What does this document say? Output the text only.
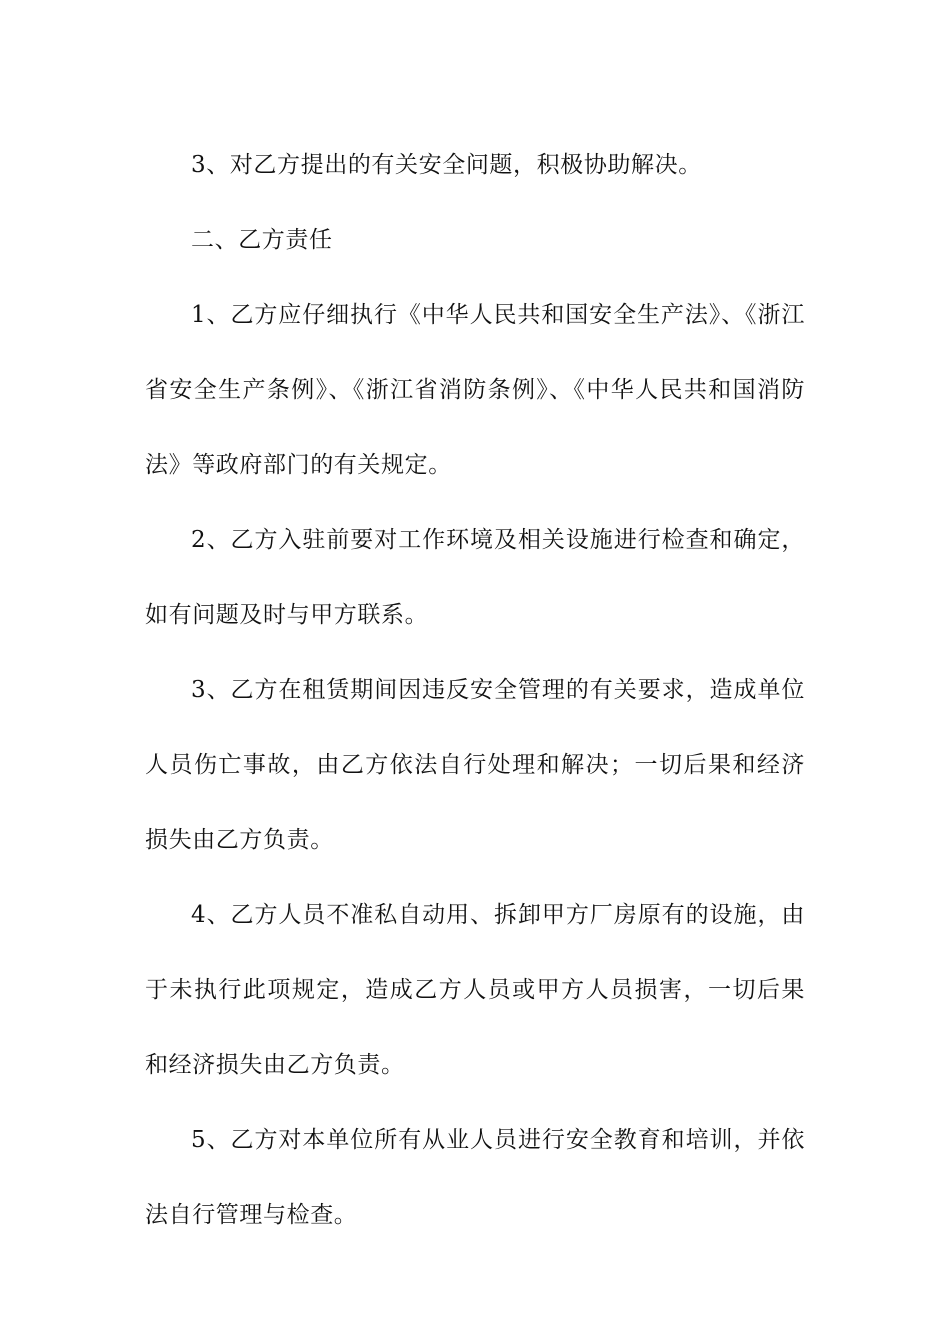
3、对乙方提出的有关安全问题，积极协助解决。

二、乙方责任

1、乙方应仔细执行《中华人民共和国安全生产法》、《浙江省安全生产条例》、《浙江省消防条例》、《中华人民共和国消防法》等政府部门的有关规定。

2、乙方入驻前要对工作环境及相关设施进行检查和确定，如有问题及时与甲方联系。

3、乙方在租赁期间因违反安全管理的有关要求，造成单位人员伤亡事故，由乙方依法自行处理和解决；一切后果和经济损失由乙方负责。

4、乙方人员不准私自动用、拆卸甲方厂房原有的设施，由于未执行此项规定，造成乙方人员或甲方人员损害，一切后果和经济损失由乙方负责。

5、乙方对本单位所有从业人员进行安全教育和培训，并依法自行管理与检查。
